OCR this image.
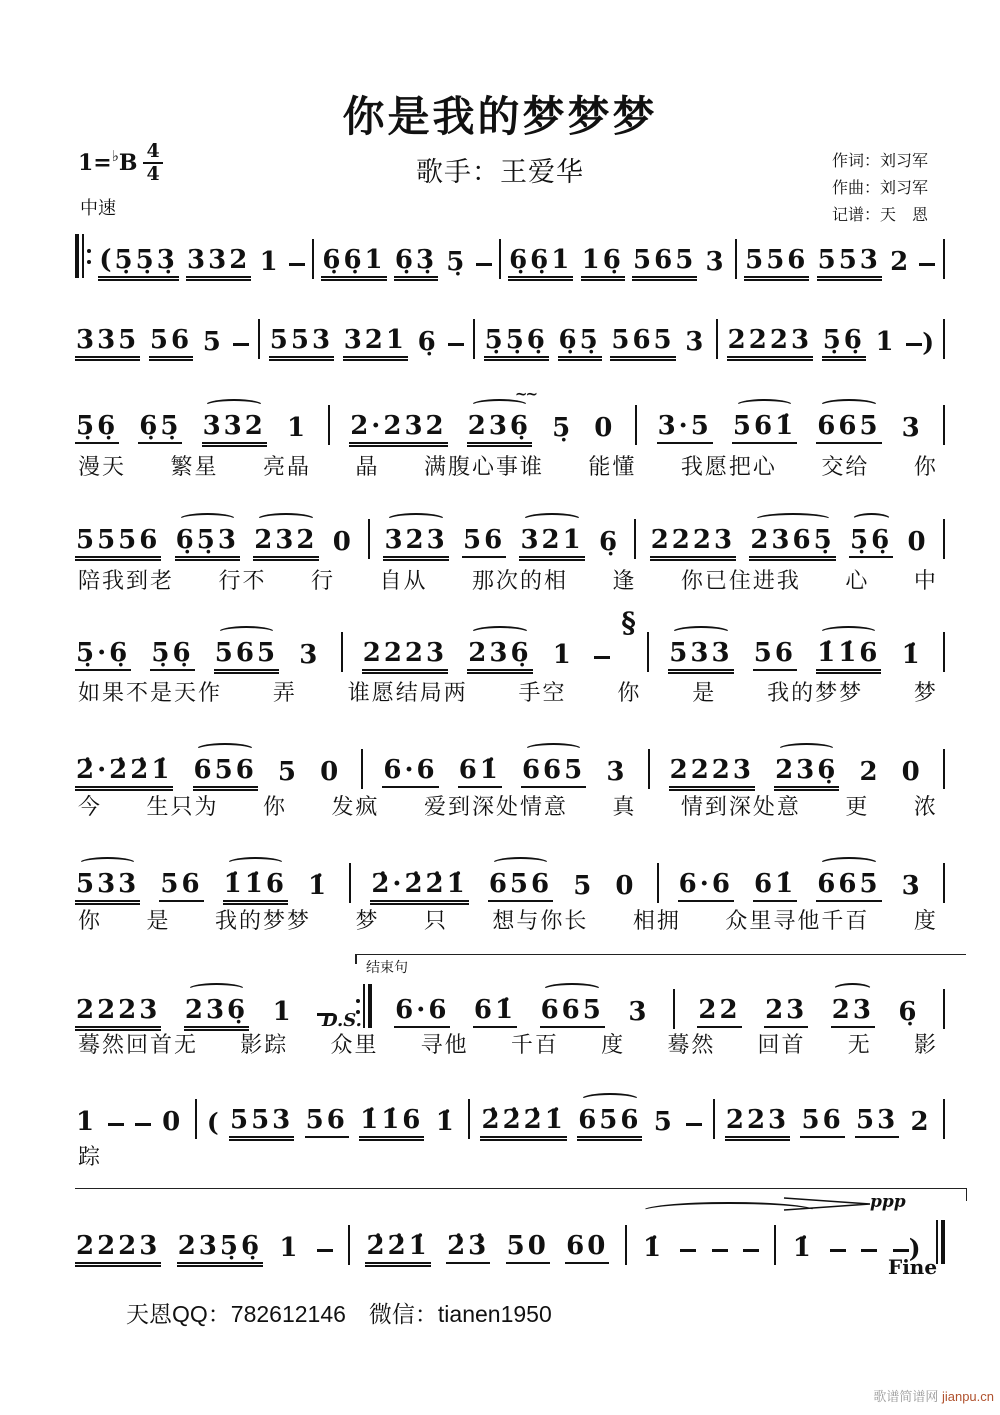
你是我的梦梦梦
1= ♭ B $\frac{4}{4}$	歌手：王爱华
中速
作词：刘习军
作曲：刘习军
记谱：天　恩
(5̣5̣3̣ 332 1 6̣6̣1 6̣3̣ 5̣ 6̣6̣1 16̣ 565 3 556 553 2
335 56 5 553 321 6̣ 5̣5̣6̣ 6̣5̣ 565 3 2223 5̣6̣ 1 )
5̣6̣ 6̣5̣ 332 1 2·232 236̣
~~
5̣ 0 3·5 561̇ 665 3
漫天 繁星 亮晶 晶 满腹心事谁 能懂 我愿把心 交给 你
5556 6̣5̣3 232 0 323 56 321 6̣ 2223 2365̣ 5̣6̣ 0
陪我到老 行不 行 自从 那次的相 逢 你已住进我 心 中
5̣·6̣ 5̣6̣ 565 3 2223 236̣ 1
§
533 56 1̇1̇6 1̇
如果不是天作 弄 谁愿结局两 手空 你 是 我的梦梦 梦
2̇·2̇2̇1̇ 656 5 0 6·6 61̇ 665 3 2223 236̣ 2 0
今 生只为 你 发疯 爱到深处情意 真 情到深处意 更 浓
533 56 1̇1̇6 1̇ 2̇·2̇2̇1̇ 656 5 0 6·6 61̇ 665 3
你 是 我的梦梦 梦 只 想与你长 相拥 众里寻他千百 度
2223 236̣ 1	6·6 61̇ 665 3 22 23 23 6̣
蓦然回首无 影踪 众里 寻他 千百 度 蓦然 回首 无 影
1 0 ( 553 56 1̇1̇6 1̇ 2̇2̇2̇1̇ 656 5 223 56 53 2
踪
2223 235̣6̣ 1	2̇2̇1̇ 2̇3̇ 50 60 1̇	1̇	)
结束句
D.S.
ppp
Fine
天恩QQ：782612146　微信：tianen1950
歌谱简谱网 jianpu.cn
